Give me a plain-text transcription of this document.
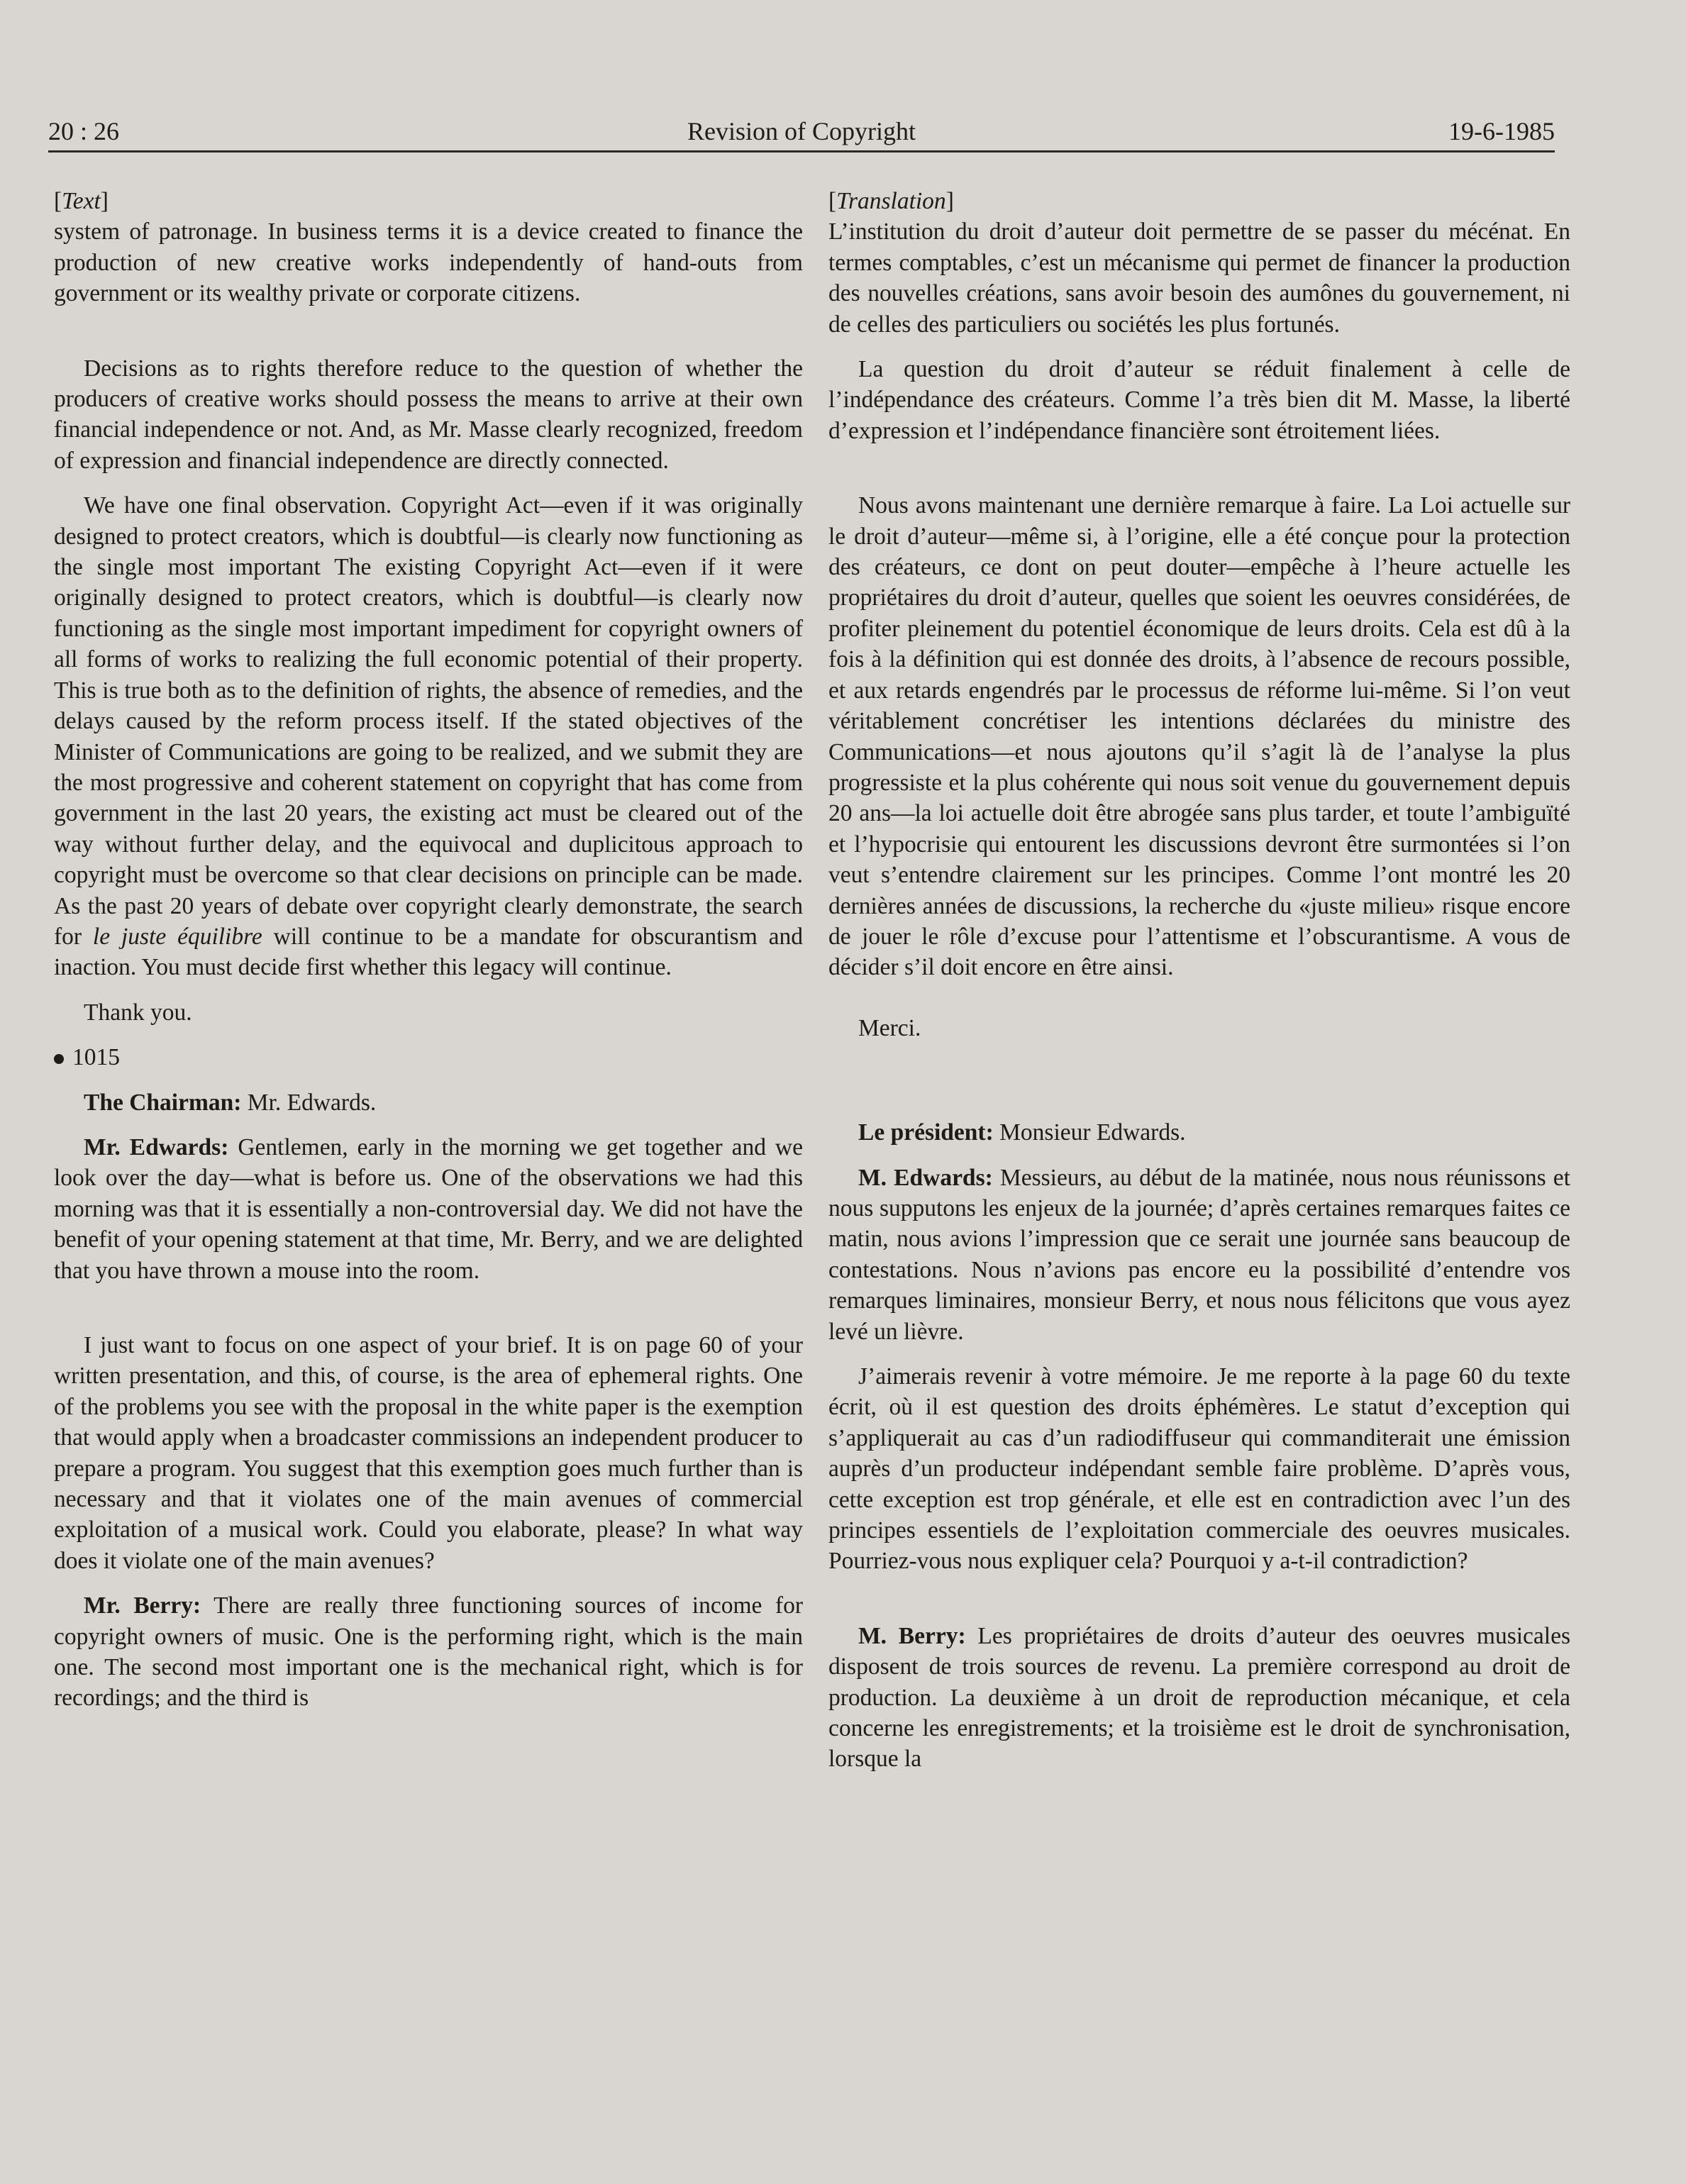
20 : 26	Revision of Copyright	19-6-1985

[Text]

system of patronage. In business terms it is a device created to finance the production of new creative works independently of hand-outs from government or its wealthy private or corporate citizens.

Decisions as to rights therefore reduce to the question of whether the producers of creative works should possess the means to arrive at their own financial independence or not. And, as Mr. Masse clearly recognized, freedom of expression and financial independence are directly connected.

We have one final observation. Copyright Act—even if it was originally designed to protect creators, which is doubtful—is clearly now functioning as the single most important The existing Copyright Act—even if it were originally designed to protect creators, which is doubtful—is clearly now functioning as the single most important impediment for copyright owners of all forms of works to realizing the full economic potential of their property. This is true both as to the definition of rights, the absence of remedies, and the delays caused by the reform process itself. If the stated objectives of the Minister of Communications are going to be realized, and we submit they are the most progressive and coherent statement on copyright that has come from government in the last 20 years, the existing act must be cleared out of the way without further delay, and the equivocal and duplicitous approach to copyright must be overcome so that clear decisions on principle can be made. As the past 20 years of debate over copyright clearly demonstrate, the search for le juste équilibre will continue to be a mandate for obscurantism and inaction. You must decide first whether this legacy will continue.

Thank you.

1015

The Chairman: Mr. Edwards.

Mr. Edwards: Gentlemen, early in the morning we get together and we look over the day—what is before us. One of the observations we had this morning was that it is essentially a non-controversial day. We did not have the benefit of your opening statement at that time, Mr. Berry, and we are delighted that you have thrown a mouse into the room.

I just want to focus on one aspect of your brief. It is on page 60 of your written presentation, and this, of course, is the area of ephemeral rights. One of the problems you see with the proposal in the white paper is the exemption that would apply when a broadcaster commissions an independent producer to prepare a program. You suggest that this exemption goes much further than is necessary and that it violates one of the main avenues of commercial exploitation of a musical work. Could you elaborate, please? In what way does it violate one of the main avenues?

Mr. Berry: There are really three functioning sources of income for copyright owners of music. One is the performing right, which is the main one. The second most important one is the mechanical right, which is for recordings; and the third is

[Translation]

L’institution du droit d’auteur doit permettre de se passer du mécénat. En termes comptables, c’est un mécanisme qui permet de financer la production des nouvelles créations, sans avoir besoin des aumônes du gouvernement, ni de celles des particuliers ou sociétés les plus fortunés.

La question du droit d’auteur se réduit finalement à celle de l’indépendance des créateurs. Comme l’a très bien dit M. Masse, la liberté d’expression et l’indépendance financière sont étroitement liées.

Nous avons maintenant une dernière remarque à faire. La Loi actuelle sur le droit d’auteur—même si, à l’origine, elle a été conçue pour la protection des créateurs, ce dont on peut douter—empêche à l’heure actuelle les propriétaires du droit d’auteur, quelles que soient les oeuvres considérées, de profiter pleinement du potentiel économique de leurs droits. Cela est dû à la fois à la définition qui est donnée des droits, à l’absence de recours possible, et aux retards engendrés par le processus de réforme lui-même. Si l’on veut véritablement concrétiser les intentions déclarées du ministre des Communications—et nous ajoutons qu’il s’agit là de l’analyse la plus progressiste et la plus cohérente qui nous soit venue du gouvernement depuis 20 ans—la loi actuelle doit être abrogée sans plus tarder, et toute l’ambiguïté et l’hypocrisie qui entourent les discussions devront être surmontées si l’on veut s’entendre clairement sur les principes. Comme l’ont montré les 20 dernières années de discussions, la recherche du «juste milieu» risque encore de jouer le rôle d’excuse pour l’attentisme et l’obscurantisme. A vous de décider s’il doit encore en être ainsi.

Merci.

Le président: Monsieur Edwards.

M. Edwards: Messieurs, au début de la matinée, nous nous réunissons et nous supputons les enjeux de la journée; d’après certaines remarques faites ce matin, nous avions l’impression que ce serait une journée sans beaucoup de contestations. Nous n’avions pas encore eu la possibilité d’entendre vos remarques liminaires, monsieur Berry, et nous nous félicitons que vous ayez levé un lièvre.

J’aimerais revenir à votre mémoire. Je me reporte à la page 60 du texte écrit, où il est question des droits éphémères. Le statut d’exception qui s’appliquerait au cas d’un radiodiffuseur qui commanditerait une émission auprès d’un producteur indépendant semble faire problème. D’après vous, cette exception est trop générale, et elle est en contradiction avec l’un des principes essentiels de l’exploitation commerciale des oeuvres musicales. Pourriez-vous nous expliquer cela? Pourquoi y a-t-il contradiction?

M. Berry: Les propriétaires de droits d’auteur des oeuvres musicales disposent de trois sources de revenu. La première correspond au droit de production. La deuxième à un droit de reproduction mécanique, et cela concerne les enregistrements; et la troisième est le droit de synchronisation, lorsque la
